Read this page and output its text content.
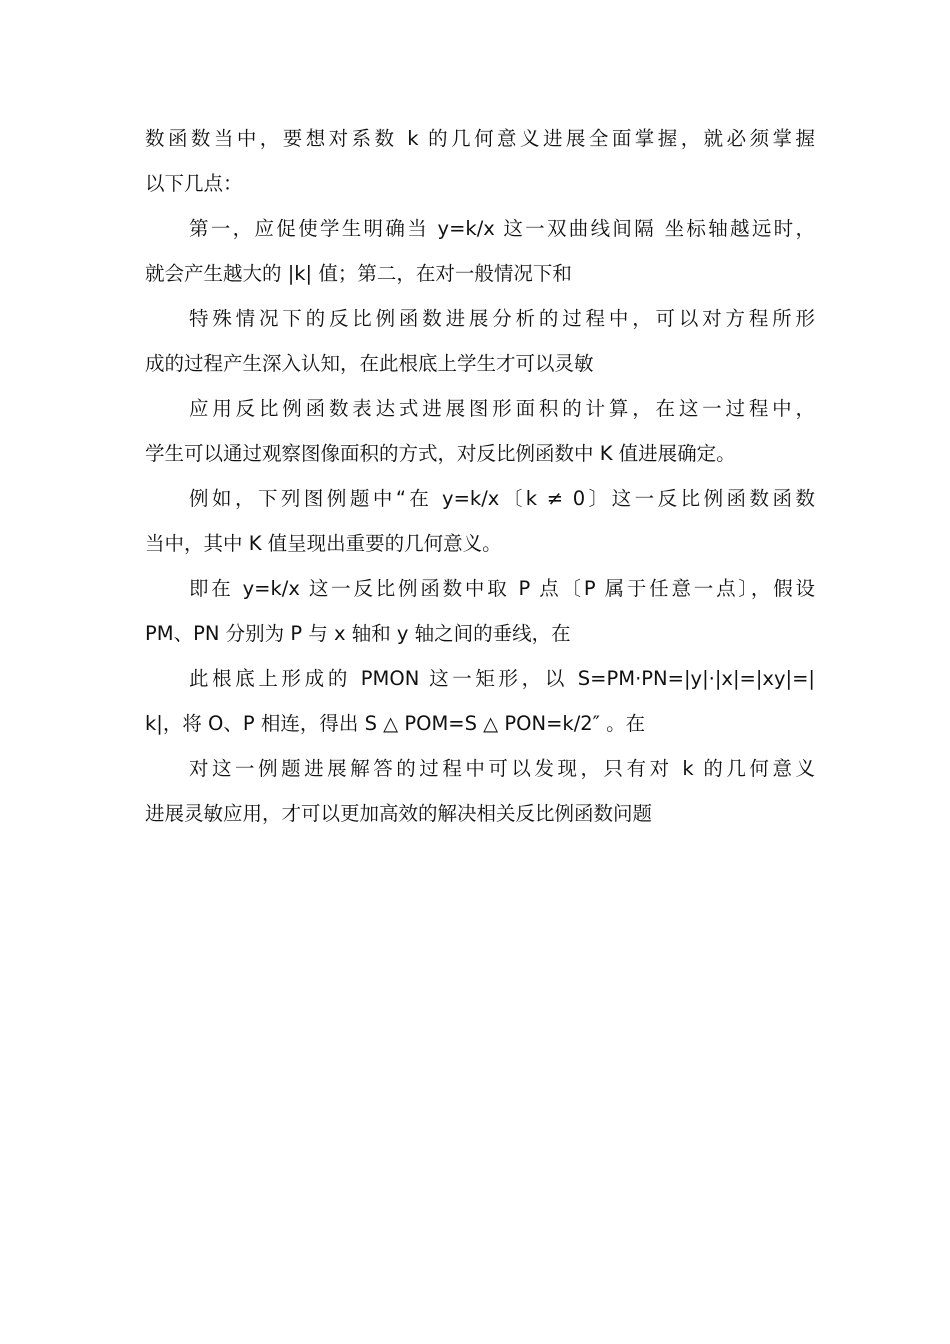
数函数当中，要想对系数 k 的几何意义进展全面掌握，就必须掌握
以下几点：
第一，应促使学生明确当 y=k/x 这一双曲线间隔 坐标轴越远时，
就会产生越大的 |k| 值；第二，在对一般情况下和
特殊情况下的反比例函数进展分析的过程中，可以对方程所形
成的过程产生深入认知，在此根底上学生才可以灵敏
应用反比例函数表达式进展图形面积的计算，在这一过程中，
学生可以通过观察图像面积的方式，对反比例函数中 K 值进展确定。
例如，下列图例题中“在 y=k/x〔k ≠ 0〕这一反比例函数函数
当中，其中 K 值呈现出重要的几何意义。
即在 y=k/x 这一反比例函数中取 P 点〔P 属于任意一点〕，假设
PM、PN 分别为 P 与 x 轴和 y 轴之间的垂线，在
此根底上形成的 PMON 这一矩形，以 S=PM·PN=|y|·|x|=|xy|=|
k|，将 O、P 相连，得出 S △ POM=S △ PON=k/2″ 。在
对这一例题进展解答的过程中可以发现，只有对 k 的几何意义
进展灵敏应用，才可以更加高效的解决相关反比例函数问题
